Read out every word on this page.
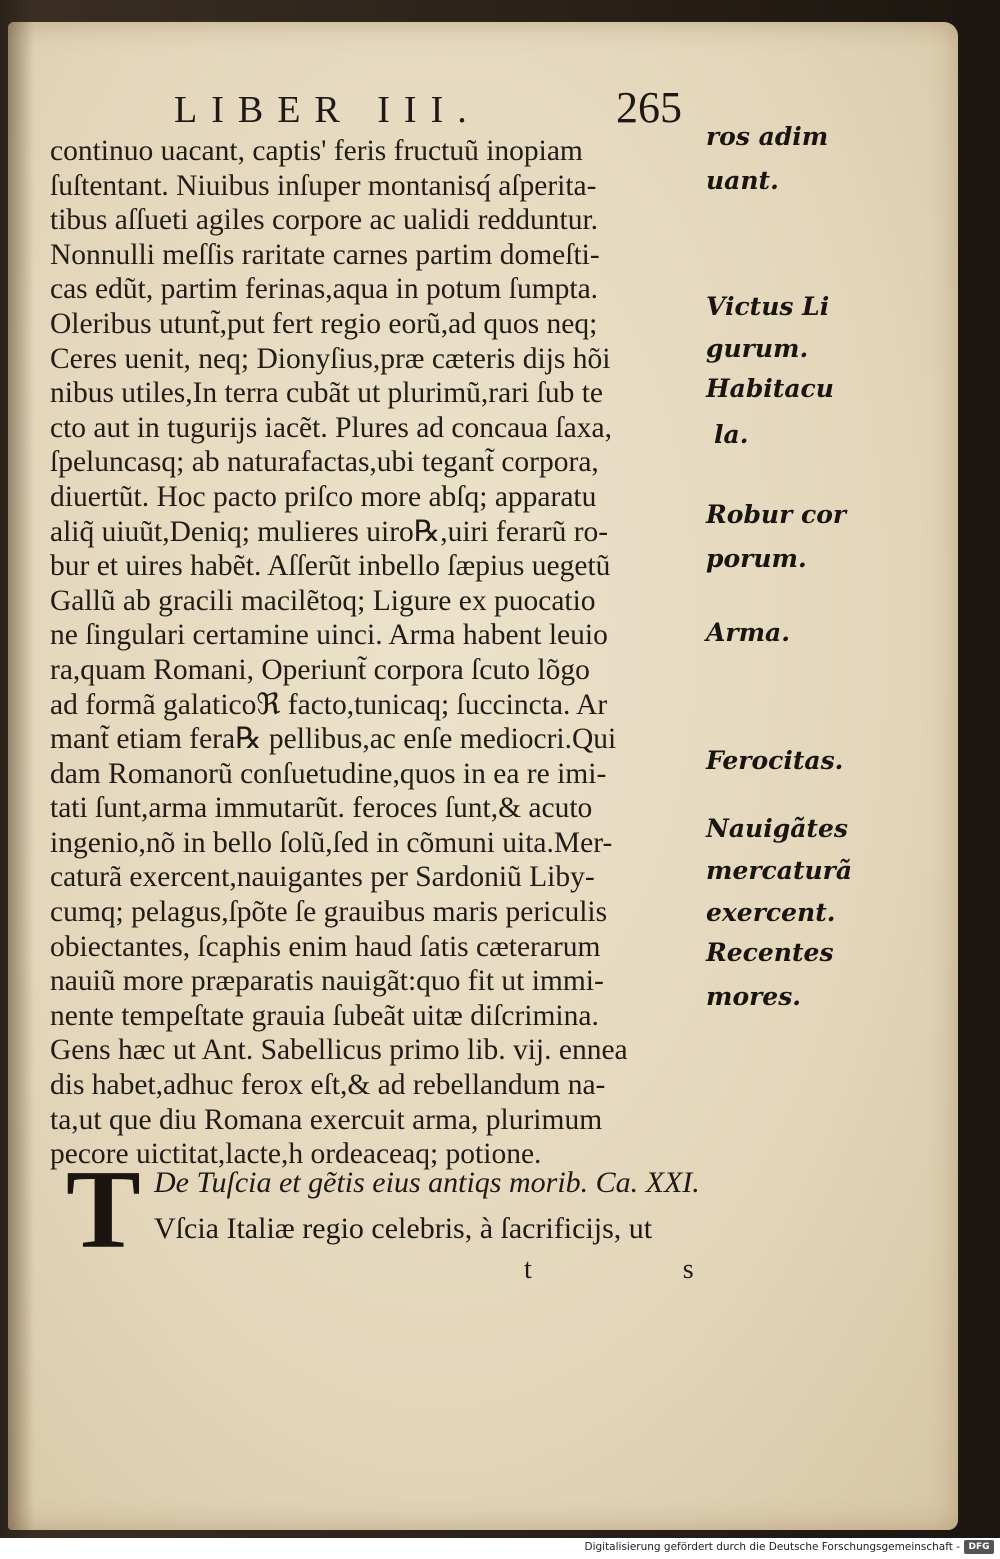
LIBER III.	265
continuo uacant, captis' feris fructuũ inopiam
ſuſtentant. Niuibus inſuper montanisq́ aſperita-
tibus aſſueti agiles corpore ac ualidi redduntur.
Nonnulli meſſis raritate carnes partim domeſti-
cas edũt, partim ferinas,aqua in potum ſumpta.
Oleribus utunt̃,put fert regio eorũ,ad quos neq;
Ceres uenit, neq; Dionyſius,præ cæteris dijs hõi
nibus utiles,In terra cubãt ut plurimũ,rari ſub te
cto aut in tugurijs iacẽt. Plures ad concaua ſaxa,
ſpeluncasq; ab naturafactas,ubi tegant̃ corpora,
diuertũt. Hoc pacto priſco more abſq; apparatu
aliq̃ uiuũt,Deniq; mulieres uiro℞,uiri ferarũ ro-
bur et uires habẽt. Aſſerũt inbello ſæpius uegetũ
Gallũ ab gracili macilẽtoq; Ligure ex puocatio
ne ſingulari certamine uinci. Arma habent leuio
ra,quam Romani, Operiunt̃ corpora ſcuto lõgo
ad formã galaticoℜ facto,tunicaq; ſuccincta. Ar
mant̃ etiam fera℞ pellibus,ac enſe mediocri.Qui
dam Romanorũ conſuetudine,quos in ea re imi-
tati ſunt,arma immutarũt. feroces ſunt,& acuto
ingenio,nõ in bello ſolũ,ſed in cõmuni uita.Mer-
caturã exercent,nauigantes per Sardoniũ Liby-
cumq; pelagus,ſpõte ſe grauibus maris periculis
obiectantes, ſcaphis enim haud ſatis cæterarum
nauiũ more præparatis nauigãt:quo fit ut immi-
nente tempeſtate grauia ſubeãt uitæ diſcrimina.
Gens hæc ut Ant. Sabellicus primo lib. vij. ennea
dis habet,adhuc ferox eſt,& ad rebellandum na-
ta,ut que diu Romana exercuit arma, plurimum
pecore uictitat,lacte,h ordeaceaq; potione.
ros adim
uant.
Victus Li
gurum.
Habitacu
la.
Robur cor
porum.
Arma.
Ferocitas.
Nauigãtes
mercaturã
exercent.
Recentes
mores.
T De Tuſcia et gẽtis eius antiqs morib. Ca. XXI.
Vſcia Italiæ regio celebris, à ſacrificijs, ut
t s
Digitalisierung gefördert durch die Deutsche Forschungsgemeinschaft - DFG
